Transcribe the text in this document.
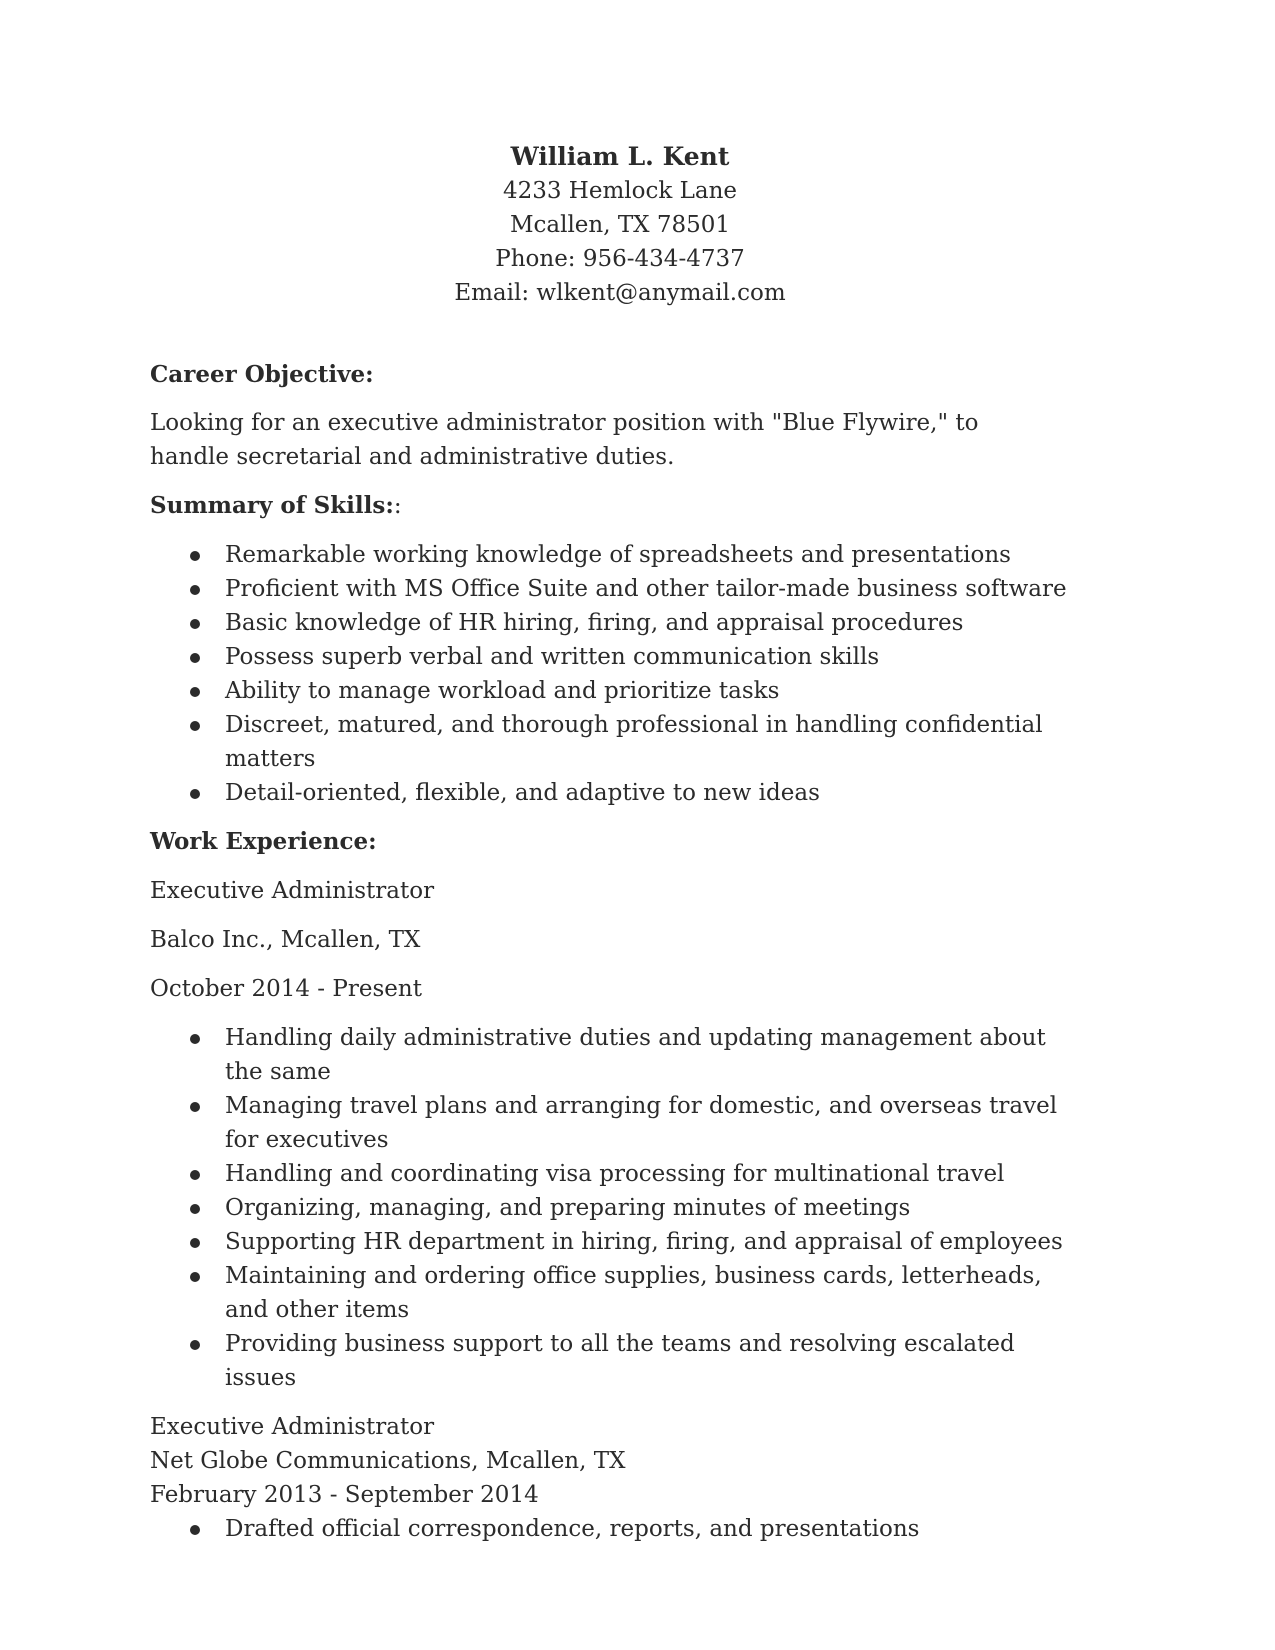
William L. Kent
4233 Hemlock Lane
Mcallen, TX 78501
Phone: 956-434-4737
Email: wlkent@anymail.com
Career Objective:
Looking for an executive administrator position with "Blue Flywire," to handle secretarial and administrative duties.
Summary of Skills::
Remarkable working knowledge of spreadsheets and presentations
Proficient with MS Office Suite and other tailor-made business software
Basic knowledge of HR hiring, firing, and appraisal procedures
Possess superb verbal and written communication skills
Ability to manage workload and prioritize tasks
Discreet, matured, and thorough professional in handling confidential matters
Detail-oriented, flexible, and adaptive to new ideas
Work Experience:
Executive Administrator
Balco Inc., Mcallen, TX
October 2014 - Present
Handling daily administrative duties and updating management about the same
Managing travel plans and arranging for domestic, and overseas travel for executives
Handling and coordinating visa processing for multinational travel
Organizing, managing, and preparing minutes of meetings
Supporting HR department in hiring, firing, and appraisal of employees
Maintaining and ordering office supplies, business cards, letterheads, and other items
Providing business support to all the teams and resolving escalated issues
Executive Administrator
Net Globe Communications, Mcallen, TX
February 2013 - September 2014
Drafted official correspondence, reports, and presentations
